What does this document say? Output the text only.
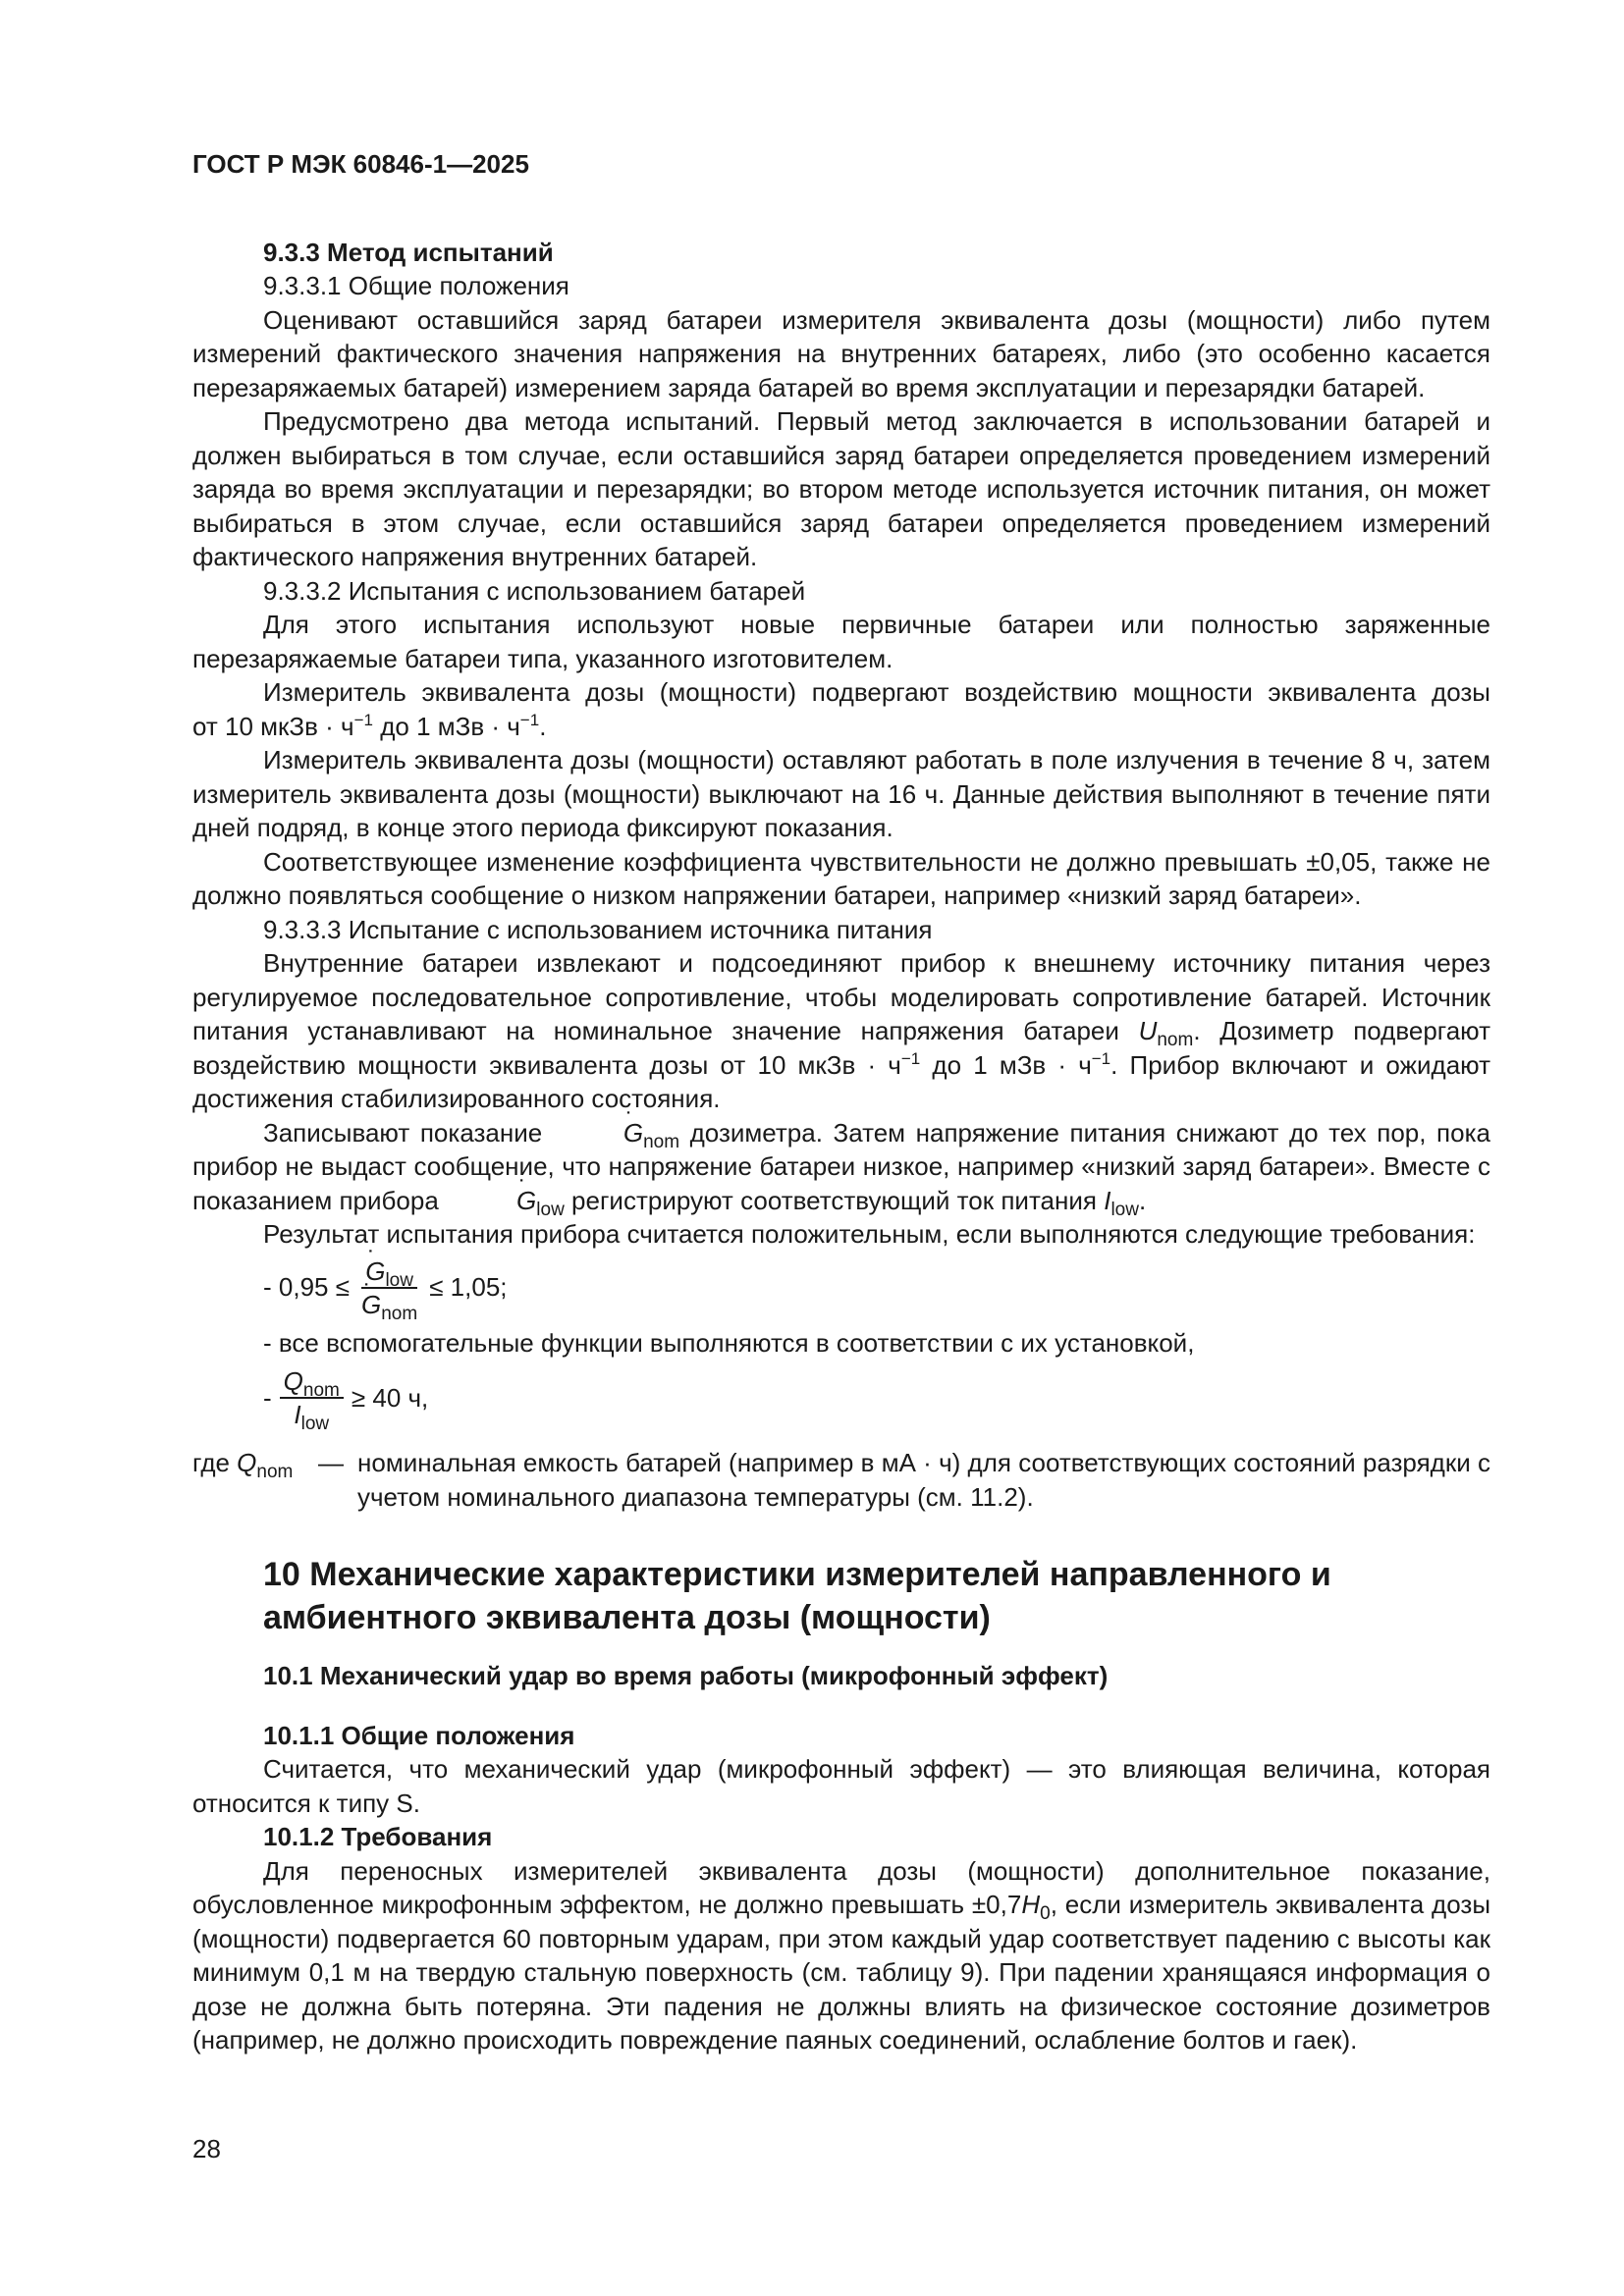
ГОСТ Р МЭК 60846-1—2025

9.3.3 Метод испытаний

9.3.3.1 Общие положения

Оценивают оставшийся заряд батареи измерителя эквивалента дозы (мощности) либо путем измерений фактического значения напряжения на внутренних батареях, либо (это особенно касается перезаряжаемых батарей) измерением заряда батарей во время эксплуатации и перезарядки батарей.

Предусмотрено два метода испытаний. Первый метод заключается в использовании батарей и должен выбираться в том случае, если оставшийся заряд батареи определяется проведением измерений заряда во время эксплуатации и перезарядки; во втором методе используется источник питания, он может выбираться в этом случае, если оставшийся заряд батареи определяется проведением измерений фактического напряжения внутренних батарей.

9.3.3.2 Испытания с использованием батарей

Для этого испытания используют новые первичные батареи или полностью заряженные перезаряжаемые батареи типа, указанного изготовителем.

Измеритель эквивалента дозы (мощности) подвергают воздействию мощности эквивалента дозы

от 10 мкЗв · $ч^{-1}$ до 1 мЗв · $ч^{-1}$.

Измеритель эквивалента дозы (мощности) оставляют работать в поле излучения в течение 8 ч, затем измеритель эквивалента дозы (мощности) выключают на 16 ч. Данные действия выполняют в течение пяти дней подряд, в конце этого периода фиксируют показания.

Соответствующее изменение коэффициента чувствительности не должно превышать ±0,05, также не должно появляться сообщение о низком напряжении батареи, например «низкий заряд батареи».

9.3.3.3 Испытание с использованием источника питания

Внутренние батареи извлекают и подсоединяют прибор к внешнему источнику питания через регулируемое последовательное сопротивление, чтобы моделировать сопротивление батарей. Источник питания устанавливают на номинальное значение напряжения батареи $U_{nom}$. Дозиметр подвергают воздействию мощности эквивалента дозы от 10 мкЗв · $ч^{-1}$ до 1 мЗв · $ч^{-1}$. Прибор включают и ожидают достижения стабилизированного состояния.

Записывают показание	˙ $G_{nom}$ дозиметра. Затем напряжение питания снижают до тех пор, пока прибор не выдаст сообщение, что напряжение батареи низкое, например «низкий заряд батареи». Вместе с показанием прибора	˙ $G_{low}$ регистрируют соответствующий ток питания $I_{low}$.

Результат испытания прибора считается положительным, если выполняются следующие требования:

- 0,95 ≤ ˙ $G_{low}$
˙ $G_{nom} \le 1,05$;

- все вспомогательные функции выполняются в соответствии с их установкой,

- $\frac{Q_{nom}}{I_{low}} \ge 40$ ч,
где $Q_{nom}$ — номинальная емкость батарей (например в мА · ч) для соответствующих состояний разрядки с учетом номинального диапазона температуры (см. 11.2).

10 Механические характеристики измерителей направленного и амбиентного эквивалента дозы (мощности)

10.1 Механический удар во время работы (микрофонный эффект)

10.1.1 Общие положения

Считается, что механический удар (микрофонный эффект) — это влияющая величина, которая относится к типу S.

10.1.2 Требования

Для переносных измерителей эквивалента дозы (мощности) дополнительное показание, обусловленное микрофонным эффектом, не должно превышать $\pm 0,7H_0$, если измеритель эквивалента дозы (мощности) подвергается 60 повторным ударам, при этом каждый удар соответствует падению с высоты как минимум 0,1 м на твердую стальную поверхность (см. таблицу 9). При падении хранящаяся информация о дозе не должна быть потеряна. Эти падения не должны влиять на физическое состояние дозиметров (например, не должно происходить повреждение паяных соединений, ослабление болтов и гаек).

28
